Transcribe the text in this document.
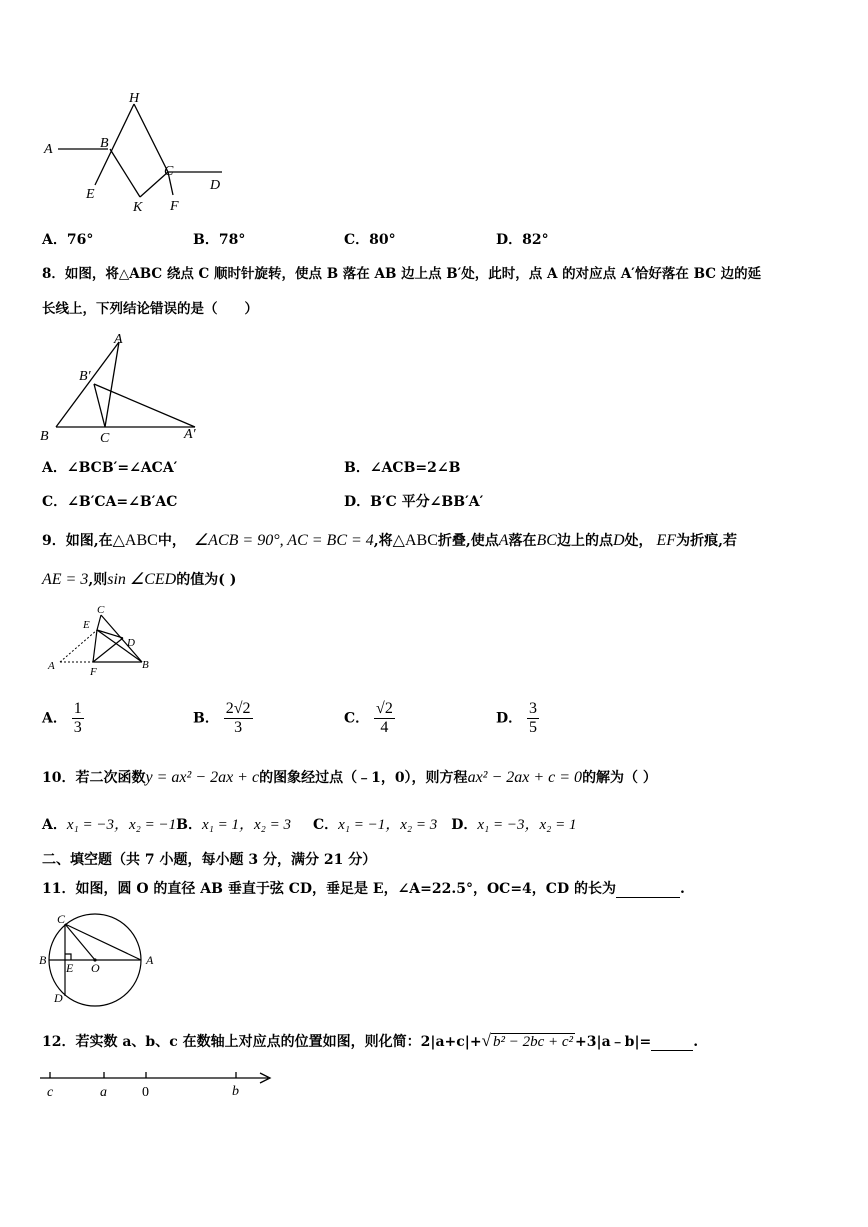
A	B
H
C
D
E
K F
A．76°	B．78°	C．80°	D．82°
8．如图，将△ABC 绕点 C 顺时针旋转，使点 B 落在 AB 边上点 B′处，此时，点 A 的对应点 A′恰好落在 BC 边的延
长线上，下列结论错误的是（　　）
A
B′
B	C	A′
A．∠BCB′=∠ACA′	B．∠ACB=2∠B
C．∠B′CA=∠B′AC	D．B′C 平分∠BB′A′
9．如图,在△ABC中， ∠ACB = 90°, AC = BC = 4,将△ABC折叠,使点A落在BC边上的点D处， EF为折痕,若
AE = 3,则sin ∠CED的值为( )
C
E
D
A	F
B
A． $\frac{1}{3}$	B． $\frac{2√2}{3}$	C． $\frac{√2}{4}$	D． $\frac{3}{5}$
10．若二次函数y = ax² − 2ax + c的图象经过点（﹣1，0），则方程ax² − 2ax + c = 0的解为（ ）
A．x₁ = −3，x₂ = −1B．x₁ = 1，x₂ = 3 C．x₁ = −1，x₂ = 3 D．x₁ = −3，x₂ = 1
二、填空题（共 7 小题，每小题 3 分，满分 21 分）
11．如图，圆 O 的直径 AB 垂直于弦 CD，垂足是 E，∠A=22.5°，OC=4，CD 的长为	.
C
B
E O
A
D
12．若实数 a、b、c 在数轴上对应点的位置如图，则化简：2|a+c|+√ b² − 2bc + c² +3|a﹣b|=	.
c	a	0	b
